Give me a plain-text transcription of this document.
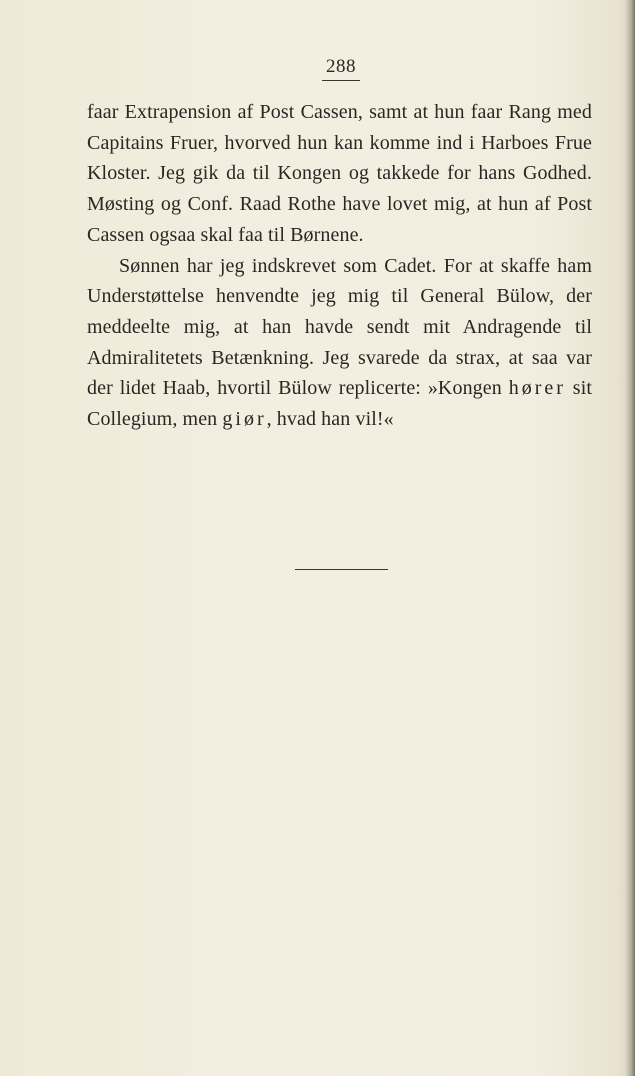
288

faar Extrapension af Post Cassen, samt at hun faar Rang med Capitains Fruer, hvorved hun kan komme ind i Harboes Frue Kloster. Jeg gik da til Kongen og takkede for hans Godhed. Møsting og Conf. Raad Rothe have lovet mig, at hun af Post Cassen ogsaa skal faa til Børnene.

Sønnen har jeg indskrevet som Cadet. For at skaffe ham Understøttelse henvendte jeg mig til General Bülow, der meddeelte mig, at han havde sendt mit Andragende til Admiralitetets Betænkning. Jeg svarede da strax, at saa var der lidet Haab, hvortil Bülow replicerte: »Kongen hører sit Collegium, men giør, hvad han vil!«
